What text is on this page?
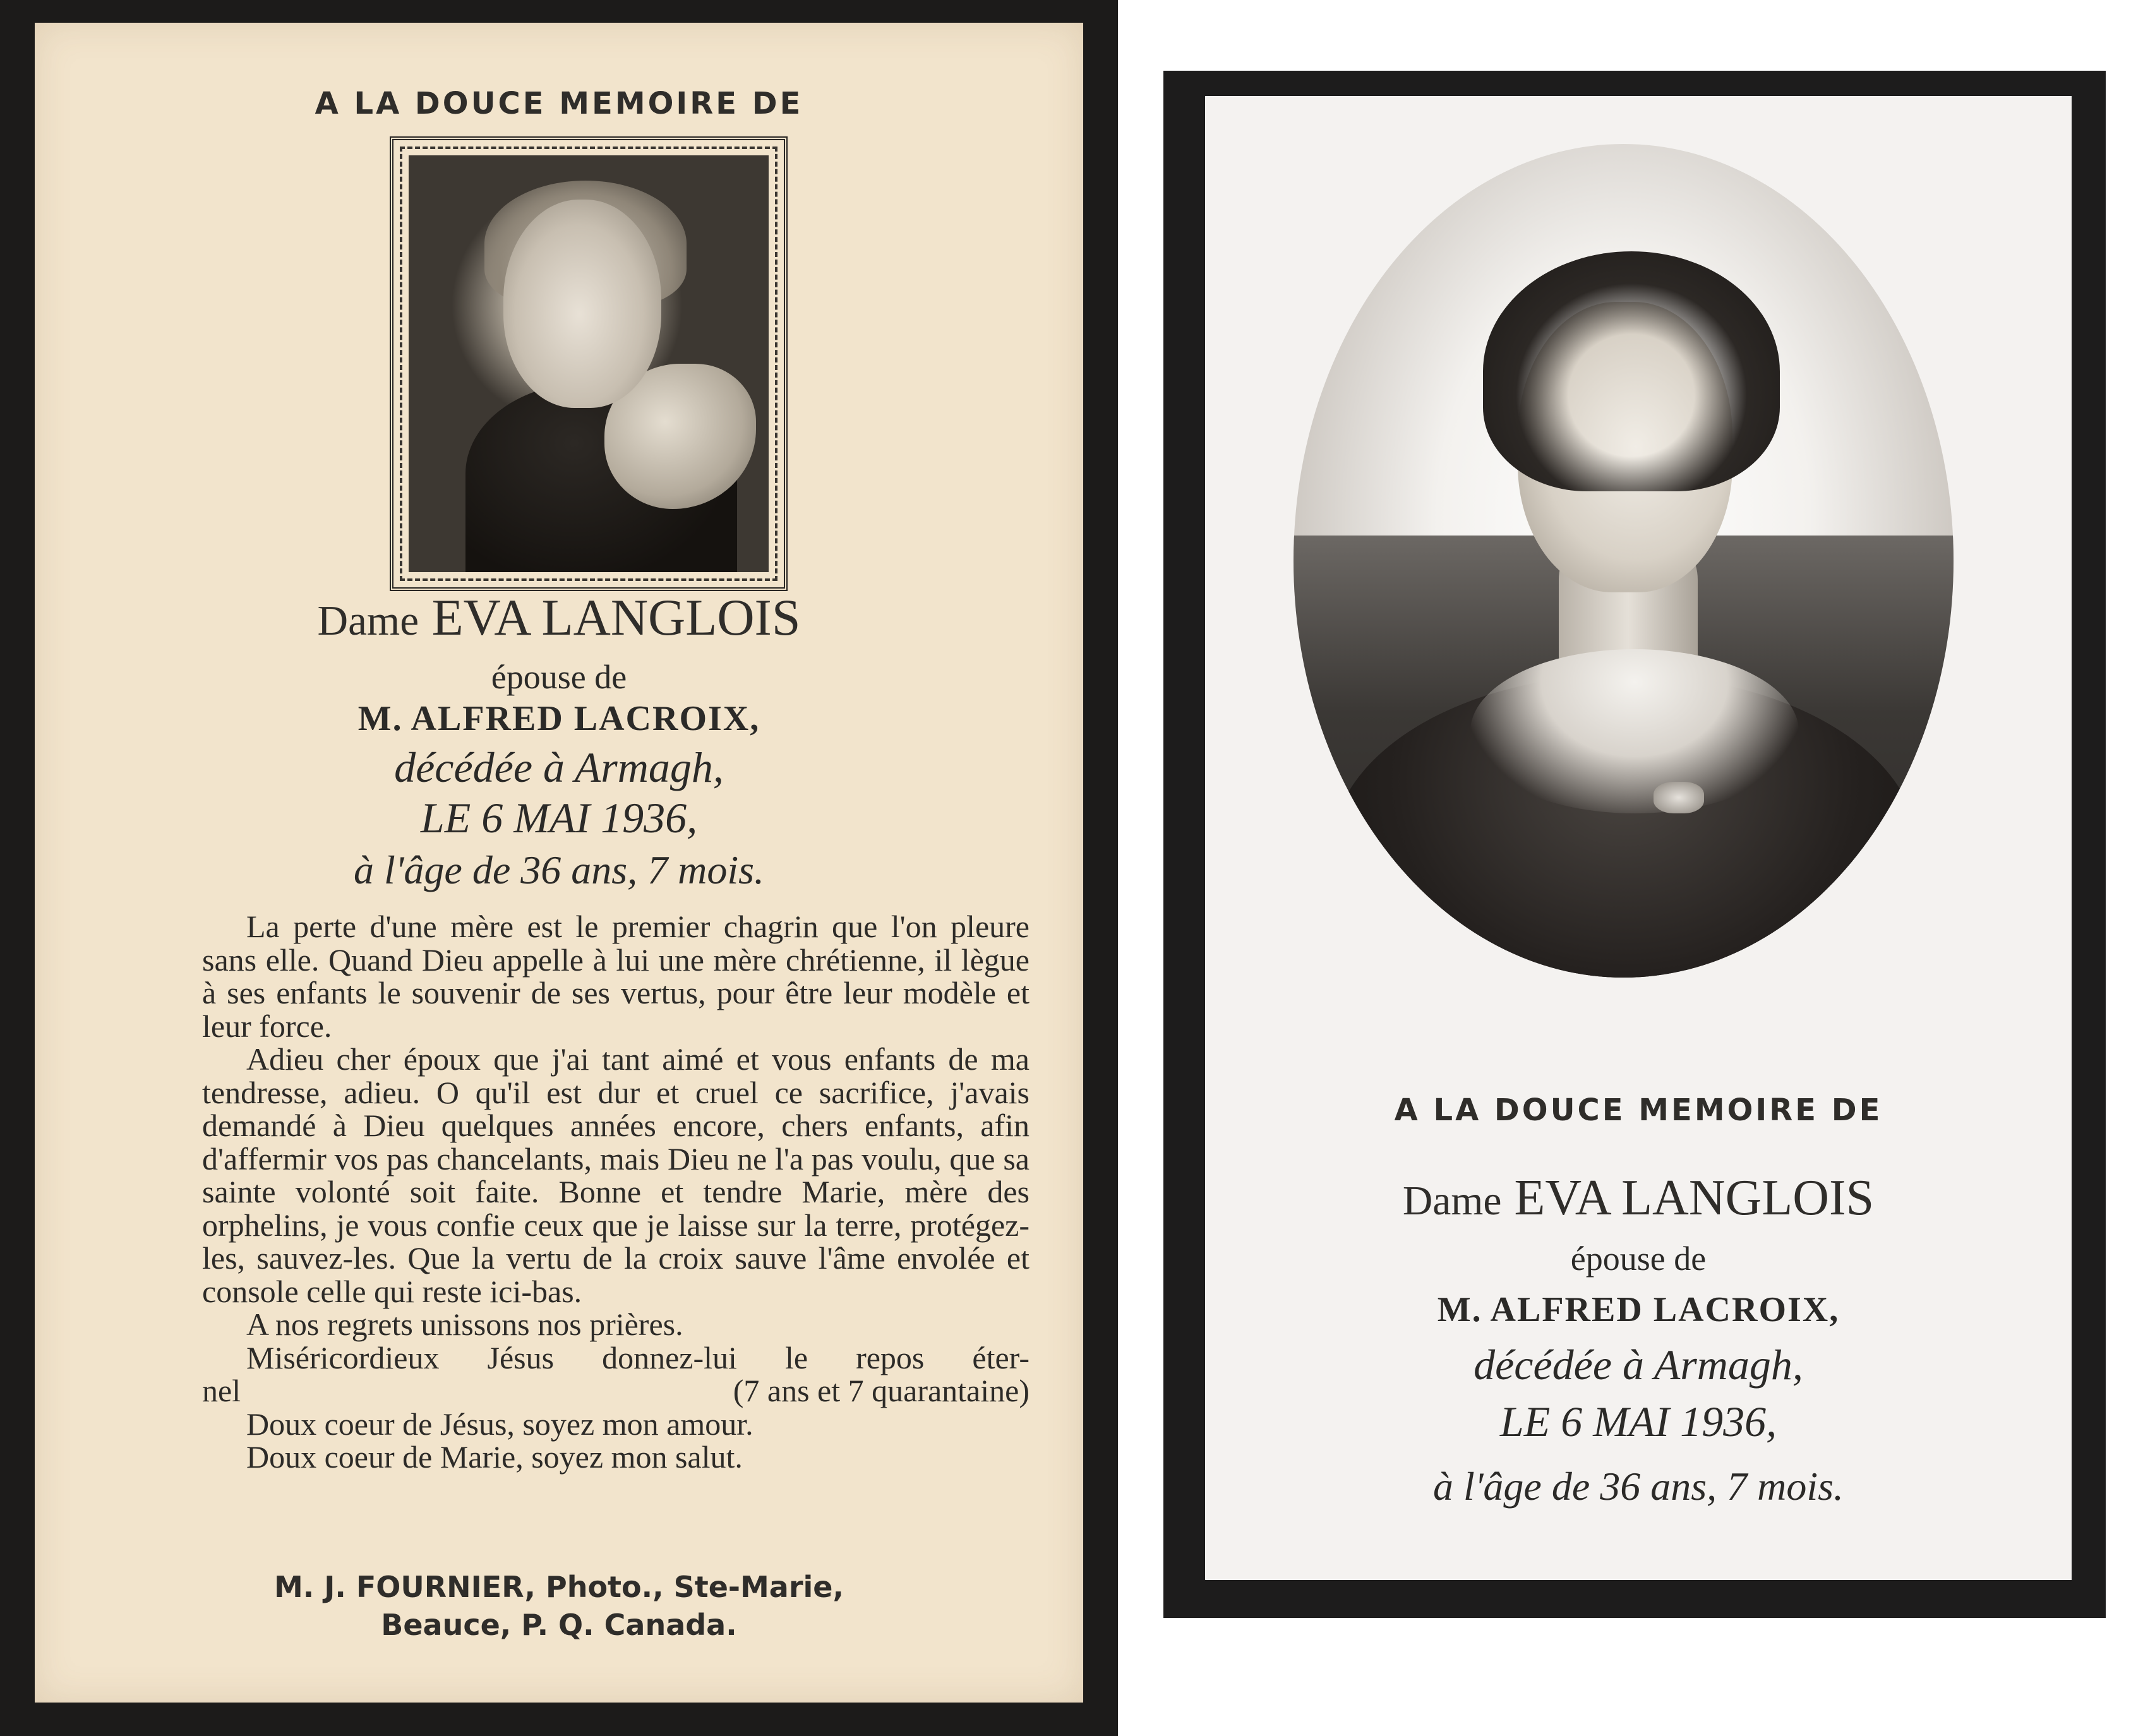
A LA DOUCE MEMOIRE DE
Dame EVA LANGLOIS
épouse de
M. ALFRED LACROIX,
décédée à Armagh,
LE 6 MAI 1936,
à l'âge de 36 ans, 7 mois.

La perte d'une mère est le premier chagrin que l'on pleure sans elle. Quand Dieu appelle à lui une mère chrétienne, il lègue à ses enfants le souvenir de ses vertus, pour être leur modèle et leur force.

Adieu cher époux que j'ai tant aimé et vous enfants de ma tendresse, adieu. O qu'il est dur et cruel ce sacrifice, j'avais demandé à Dieu quelques années encore, chers enfants, afin d'affermir vos pas chancelants, mais Dieu ne l'a pas voulu, que sa sainte volonté soit faite. Bonne et tendre Marie, mère des orphelins, je vous confie ceux que je laisse sur la terre, protégez-les, sauvez-les. Que la vertu de la croix sauve l'âme envolée et console celle qui reste ici-bas.

A nos regrets unissons nos prières.

Miséricordieux Jésus donnez-lui le repos éter-

nel	(7 ans et 7 quarantaine)

Doux coeur de Jésus, soyez mon amour.

Doux coeur de Marie, soyez mon salut.

M. J. FOURNIER, Photo., Ste-Marie,
Beauce, P. Q. Canada.
A LA DOUCE MEMOIRE DE
Dame EVA LANGLOIS
épouse de
M. ALFRED LACROIX,
décédée à Armagh,
LE 6 MAI 1936,
à l'âge de 36 ans, 7 mois.
